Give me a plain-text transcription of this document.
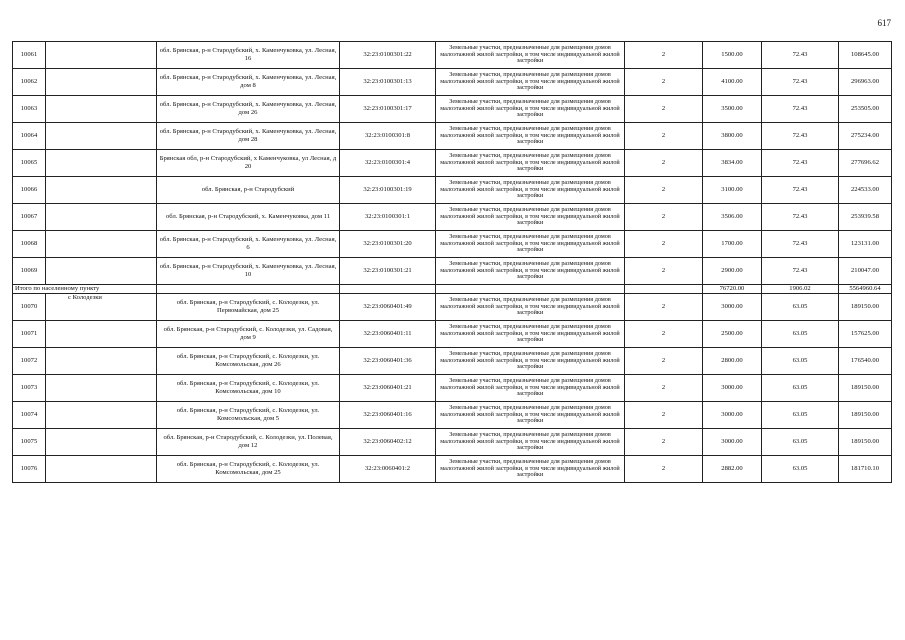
617
10061		обл. Брянская, р-н Стародубский, х. Каменчуковка, ул. Лесная, 16	32:23:0100301:22	Земельные участки, предназначенные для размещения домов малоэтажной жилой застройки, в том числе индивидуальной жилой застройки	2	1500.00	72.43	108645.00
10062		обл. Брянская, р-н Стародубский, х. Каменчуковка, ул. Лесная, дом 8	32:23:0100301:13	Земельные участки, предназначенные для размещения домов малоэтажной жилой застройки, в том числе индивидуальной жилой застройки	2	4100.00	72.43	296963.00
10063		обл. Брянская, р-н Стародубский, х. Каменчуковка, ул. Лесная, дом 26	32:23:0100301:17	Земельные участки, предназначенные для размещения домов малоэтажной жилой застройки, в том числе индивидуальной жилой застройки	2	3500.00	72.43	253505.00
10064		обл. Брянская, р-н Стародубский, х. Каменчуковка, ул. Лесная, дом 28	32:23:0100301:8	Земельные участки, предназначенные для размещения домов малоэтажной жилой застройки, в том числе индивидуальной жилой застройки	2	3800.00	72.43	275234.00
10065		Брянская обл, р-н Стародубский, х Каменчуковка, ул Лесная, д 20	32:23:0100301:4	Земельные участки, предназначенные для размещения домов малоэтажной жилой застройки, в том числе индивидуальной жилой застройки	2	3834.00	72.43	277696.62
10066		обл. Брянская, р-н Стародубский	32:23:0100301:19	Земельные участки, предназначенные для размещения домов малоэтажной жилой застройки, в том числе индивидуальной жилой застройки	2	3100.00	72.43	224533.00
10067		обл. Брянская, р-н Стародубский, х. Каменчуковка, дом 11	32:23:0100301:1	Земельные участки, предназначенные для размещения домов малоэтажной жилой застройки, в том числе индивидуальной жилой застройки	2	3506.00	72.43	253939.58
10068		обл. Брянская, р-н Стародубский, х. Каменчуковка, ул. Лесная, 6	32:23:0100301:20	Земельные участки, предназначенные для размещения домов малоэтажной жилой застройки, в том числе индивидуальной жилой застройки	2	1700.00	72.43	123131.00
10069		обл. Брянская, р-н Стародубский, х. Каменчуковка, ул. Лесная, 10	32:23:0100301:21	Земельные участки, предназначенные для размещения домов малоэтажной жилой застройки, в том числе индивидуальной жилой застройки	2	2900.00	72.43	210047.00
Итого по населенному пункту						76720.00	1906.02	5564960.64
10070	с Колодезки	обл. Брянская, р-н Стародубский, с. Колодезки, ул. Первомайская, дом 25	32:23:0060401:49	Земельные участки, предназначенные для размещения домов малоэтажной жилой застройки, в том числе индивидуальной жилой застройки	2	3000.00	63.05	189150.00
10071		обл. Брянская, р-н Стародубский, с. Колодезки, ул. Садовая, дом 9	32:23:0060401:11	Земельные участки, предназначенные для размещения домов малоэтажной жилой застройки, в том числе индивидуальной жилой застройки	2	2500.00	63.05	157625.00
10072		обл. Брянская, р-н Стародубский, с. Колодезки, ул. Комсомольская, дом 26	32:23:0060401:36	Земельные участки, предназначенные для размещения домов малоэтажной жилой застройки, в том числе индивидуальной жилой застройки	2	2800.00	63.05	176540.00
10073		обл. Брянская, р-н Стародубский, с. Колодезки, ул. Комсомольская, дом 10	32:23:0060401:21	Земельные участки, предназначенные для размещения домов малоэтажной жилой застройки, в том числе индивидуальной жилой застройки	2	3000.00	63.05	189150.00
10074		обл. Брянская, р-н Стародубский, с. Колодезки, ул. Комсомольская, дом 5	32:23:0060401:16	Земельные участки, предназначенные для размещения домов малоэтажной жилой застройки, в том числе индивидуальной жилой застройки	2	3000.00	63.05	189150.00
10075		обл. Брянская, р-н Стародубский, с. Колодезки, ул. Полевая, дом 12	32:23:0060402:12	Земельные участки, предназначенные для размещения домов малоэтажной жилой застройки, в том числе индивидуальной жилой застройки	2	3000.00	63.05	189150.00
10076		обл. Брянская, р-н Стародубский, с. Колодезки, ул. Комсомольская, дом 25	32:23:0060401:2	Земельные участки, предназначенные для размещения домов малоэтажной жилой застройки, в том числе индивидуальной жилой застройки	2	2882.00	63.05	181710.10
